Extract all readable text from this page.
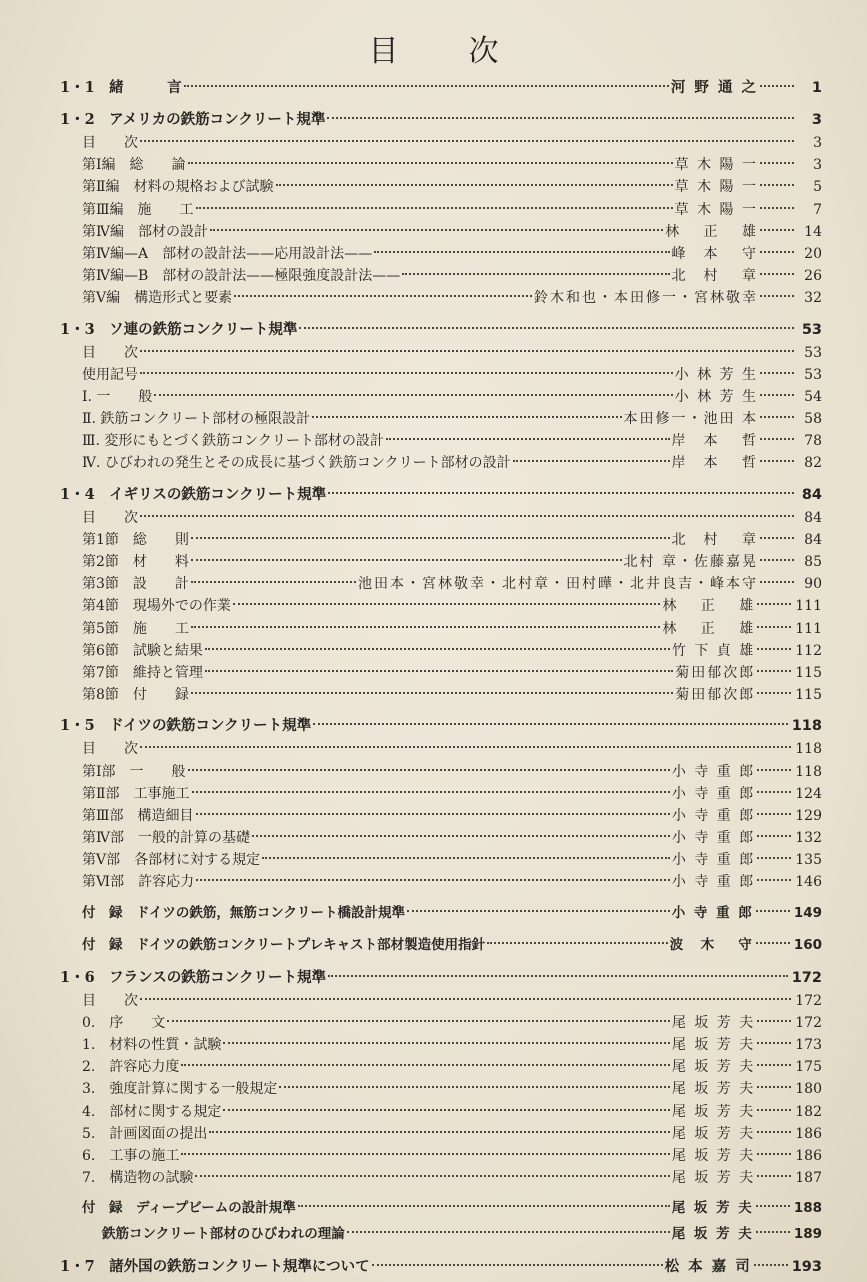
目次
1・1　緒　　　言	河 野 通 之	1
1・2　アメリカの鉄筋コンクリート規準	3
目　　次	3
第Ⅰ編　総　　論	草 木 陽 一	3
第Ⅱ編　材料の規格および試験	草 木 陽 一	5
第Ⅲ編　施　　工	草 木 陽 一	7
第Ⅳ編　部材の設計	林　 正　 雄	14
第Ⅳ編—A　部材の設計法——応用設計法——	峰　本　 守	20
第Ⅳ編—B　部材の設計法——極限強度設計法——	北　村　 章	26
第Ⅴ編　構造形式と要素	鈴木和也・本田修一・宮林敬幸	32
1・3　ソ連の鉄筋コンクリート規準	53
目　　次	53
使用記号	小 林 芳 生	53
Ⅰ. 一　　般	小 林 芳 生	54
Ⅱ. 鉄筋コンクリート部材の極限設計	本田修一・池田 本	58
Ⅲ. 変形にもとづく鉄筋コンクリート部材の設計	岸　本　 哲	78
Ⅳ. ひびわれの発生とその成長に基づく鉄筋コンクリート部材の設計	岸　本　 哲	82
1・4　イギリスの鉄筋コンクリート規準	84
目　　次	84
第1節　総　　則	北　村　 章	84
第2節　材　　料	北村 章・佐藤嘉晃	85
第3節　設　　計	池田本・宮林敬幸・北村章・田村曄・北井良吉・峰本守	90
第4節　現場外での作業	林　 正　 雄	111
第5節　施　　工	林　 正　 雄	111
第6節　試験と結果	竹 下 貞 雄	112
第7節　維持と管理	菊田郁次郎	115
第8節　付　　録	菊田郁次郎	115
1・5　ドイツの鉄筋コンクリート規準	118
目　　次	118
第Ⅰ部　一　　般	小 寺 重 郎	118
第Ⅱ部　工事施工	小 寺 重 郎	124
第Ⅲ部　構造細目	小 寺 重 郎	129
第Ⅳ部　一般的計算の基礎	小 寺 重 郎	132
第Ⅴ部　各部材に対する規定	小 寺 重 郎	135
第Ⅵ部　許容応力	小 寺 重 郎	146
付　録　ドイツの鉄筋，無筋コンクリート橋設計規準	小 寺 重 郎	149
付　録　ドイツの鉄筋コンクリートプレキャスト部材製造使用指針	波　木　 守	160
1・6　フランスの鉄筋コンクリート規準	172
目　　次	172
0.　序　　文	尾 坂 芳 夫	172
1.　材料の性質・試験	尾 坂 芳 夫	173
2.　許容応力度	尾 坂 芳 夫	175
3.　強度計算に関する一般規定	尾 坂 芳 夫	180
4.　部材に関する規定	尾 坂 芳 夫	182
5.　計画図面の提出	尾 坂 芳 夫	186
6.　工事の施工	尾 坂 芳 夫	186
7.　構造物の試験	尾 坂 芳 夫	187
付　録　ディープビームの設計規準	尾 坂 芳 夫	188
鉄筋コンクリート部材のひびわれの理論	尾 坂 芳 夫	189
1・7　諸外国の鉄筋コンクリート規準について	松 本 嘉 司	193
